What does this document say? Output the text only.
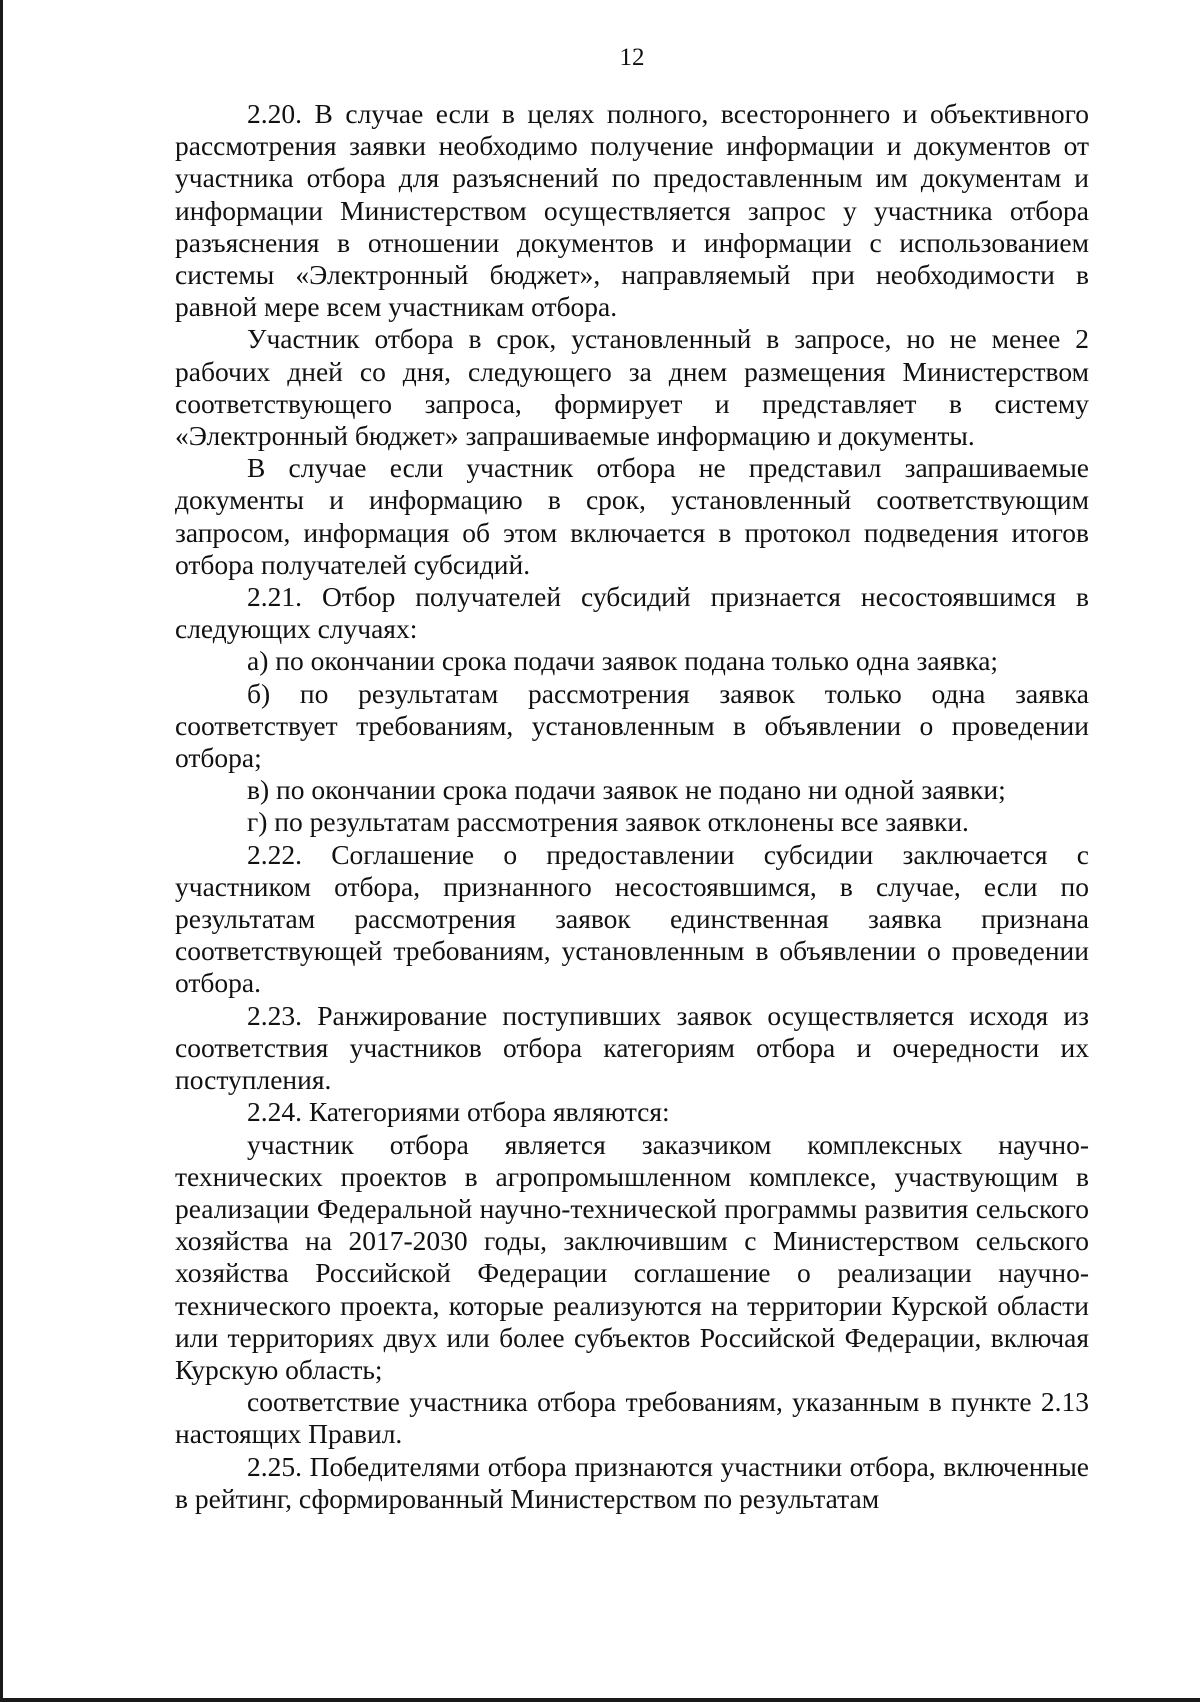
12

2.20. В случае если в целях полного, всестороннего и объективного рассмотрения заявки необходимо получение информации и документов от участника отбора для разъяснений по предоставленным им документам и информации Министерством осуществляется запрос у участника отбора разъяснения в отношении документов и информации с использованием системы «Электронный бюджет», направляемый при необходимости в равной мере всем участникам отбора.

Участник отбора в срок, установленный в запросе, но не менее 2 рабочих дней со дня, следующего за днем размещения Министерством соответствующего запроса, формирует и представляет в систему «Электронный бюджет» запрашиваемые информацию и документы.

В случае если участник отбора не представил запрашиваемые документы и информацию в срок, установленный соответствующим запросом, информация об этом включается в протокол подведения итогов отбора получателей субсидий.

2.21. Отбор получателей субсидий признается несостоявшимся в следующих случаях:

а) по окончании срока подачи заявок подана только одна заявка;

б) по результатам рассмотрения заявок только одна заявка соответствует требованиям, установленным в объявлении о проведении отбора;

в) по окончании срока подачи заявок не подано ни одной заявки;

г) по результатам рассмотрения заявок отклонены все заявки.

2.22. Соглашение о предоставлении субсидии заключается с участником отбора, признанного несостоявшимся, в случае, если по результатам рассмотрения заявок единственная заявка признана соответствующей требованиям, установленным в объявлении о проведении отбора.

2.23. Ранжирование поступивших заявок осуществляется исходя из соответствия участников отбора категориям отбора и очередности их поступления.

2.24. Категориями отбора являются:

участник отбора является заказчиком комплексных научно-технических проектов в агропромышленном комплексе, участвующим в реализации Федеральной научно-технической программы развития сельского хозяйства на 2017-2030 годы, заключившим с Министерством сельского хозяйства Российской Федерации соглашение о реализации научно-технического проекта, которые реализуются на территории Курской области или территориях двух или более субъектов Российской Федерации, включая Курскую область;

соответствие участника отбора требованиям, указанным в пункте 2.13 настоящих Правил.

2.25. Победителями отбора признаются участники отбора, включенные в рейтинг, сформированный Министерством по результатам
